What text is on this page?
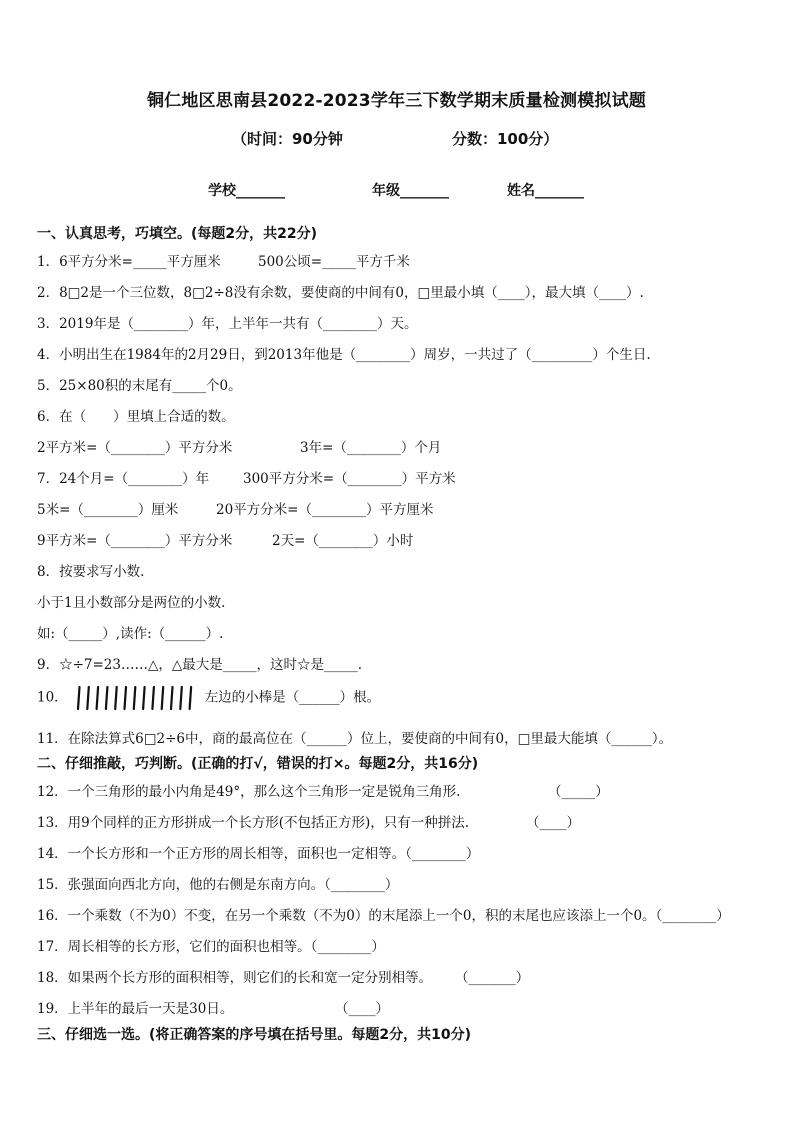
铜仁地区思南县2022-2023学年三下数学期末质量检测模拟试题
（时间：90分钟	分数：100分）
学校_______	年级_______	姓名_______
一、认真思考，巧填空。(每题2分，共22分)
1．6平方分米=_____平方厘米	500公顷=_____平方千米
2．8□2是一个三位数，8□2÷8没有余数，要使商的中间有0，□里最小填（____），最大填（____）.
3．2019年是（________）年，上半年一共有（________）天。
4．小明出生在1984年的2月29日，到2013年他是（________）周岁，一共过了（_________）个生日.
5．25×80积的末尾有_____个0。
6．在（　　）里填上合适的数。
2平方米=（________）平方分米	3年=（________）个月
7．24个月=（________）年	300平方分米=（________）平方米
5米=（________）厘米	20平方分米=（________）平方厘米
9平方米=（________）平方分米	2天=（________）小时
8．按要求写小数.
小于1且小数部分是两位的小数.
如:（_____）,读作:（______）.
9．☆÷7=23……△，△最大是_____，这时☆是_____.
10．	左边的小棒是（______）根。
11．在除法算式6□2÷6中，商的最高位在（______）位上，要使商的中间有0，□里最大能填（______）。
二、仔细推敲，巧判断。(正确的打√，错误的打×。每题2分，共16分)
12．一个三角形的最小内角是49°，那么这个三角形一定是锐角三角形.	（_____）
13．用9个同样的正方形拼成一个长方形(不包括正方形)，只有一种拼法.	（____）
14．一个长方形和一个正方形的周长相等，面积也一定相等。（________）
15．张强面向西北方向，他的右侧是东南方向。（________）
16．一个乘数（不为0）不变，在另一个乘数（不为0）的末尾添上一个0，积的末尾也应该添上一个0。（________）
17．周长相等的长方形，它们的面积也相等。（________）
18．如果两个长方形的面积相等，则它们的长和宽一定分别相等。 （_______）
19．上半年的最后一天是30日。	（____）
三、仔细选一选。(将正确答案的序号填在括号里。每题2分，共10分)
